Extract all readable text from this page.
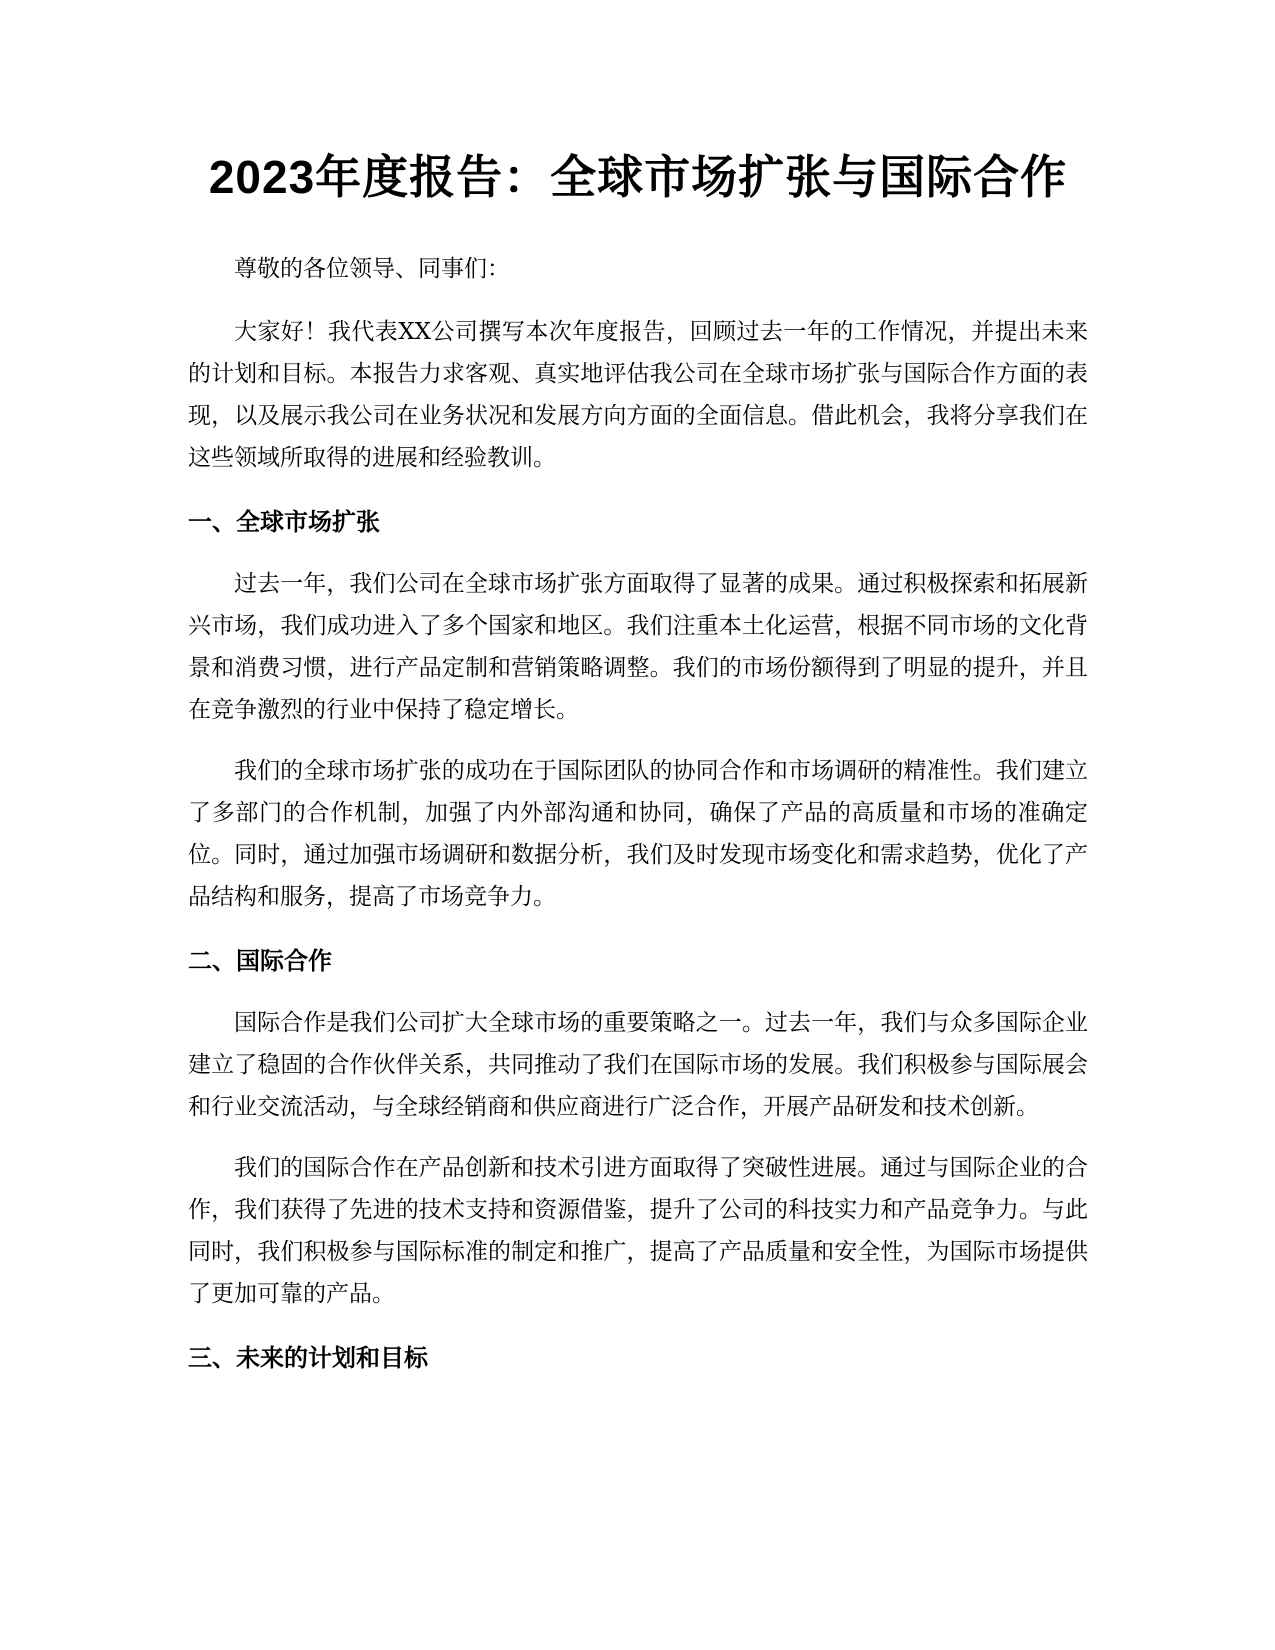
2023年度报告：全球市场扩张与国际合作

尊敬的各位领导、同事们：

大家好！我代表XX公司撰写本次年度报告，回顾过去一年的工作情况，并提出未来的计划和目标。本报告力求客观、真实地评估我公司在全球市场扩张与国际合作方面的表现，以及展示我公司在业务状况和发展方向方面的全面信息。借此机会，我将分享我们在这些领域所取得的进展和经验教训。

一、全球市场扩张

过去一年，我们公司在全球市场扩张方面取得了显著的成果。通过积极探索和拓展新兴市场，我们成功进入了多个国家和地区。我们注重本土化运营，根据不同市场的文化背景和消费习惯，进行产品定制和营销策略调整。我们的市场份额得到了明显的提升，并且在竞争激烈的行业中保持了稳定增长。

我们的全球市场扩张的成功在于国际团队的协同合作和市场调研的精准性。我们建立了多部门的合作机制，加强了内外部沟通和协同，确保了产品的高质量和市场的准确定位。同时，通过加强市场调研和数据分析，我们及时发现市场变化和需求趋势，优化了产品结构和服务，提高了市场竞争力。

二、国际合作

国际合作是我们公司扩大全球市场的重要策略之一。过去一年，我们与众多国际企业建立了稳固的合作伙伴关系，共同推动了我们在国际市场的发展。我们积极参与国际展会和行业交流活动，与全球经销商和供应商进行广泛合作，开展产品研发和技术创新。

我们的国际合作在产品创新和技术引进方面取得了突破性进展。通过与国际企业的合作，我们获得了先进的技术支持和资源借鉴，提升了公司的科技实力和产品竞争力。与此同时，我们积极参与国际标准的制定和推广，提高了产品质量和安全性，为国际市场提供了更加可靠的产品。

三、未来的计划和目标
